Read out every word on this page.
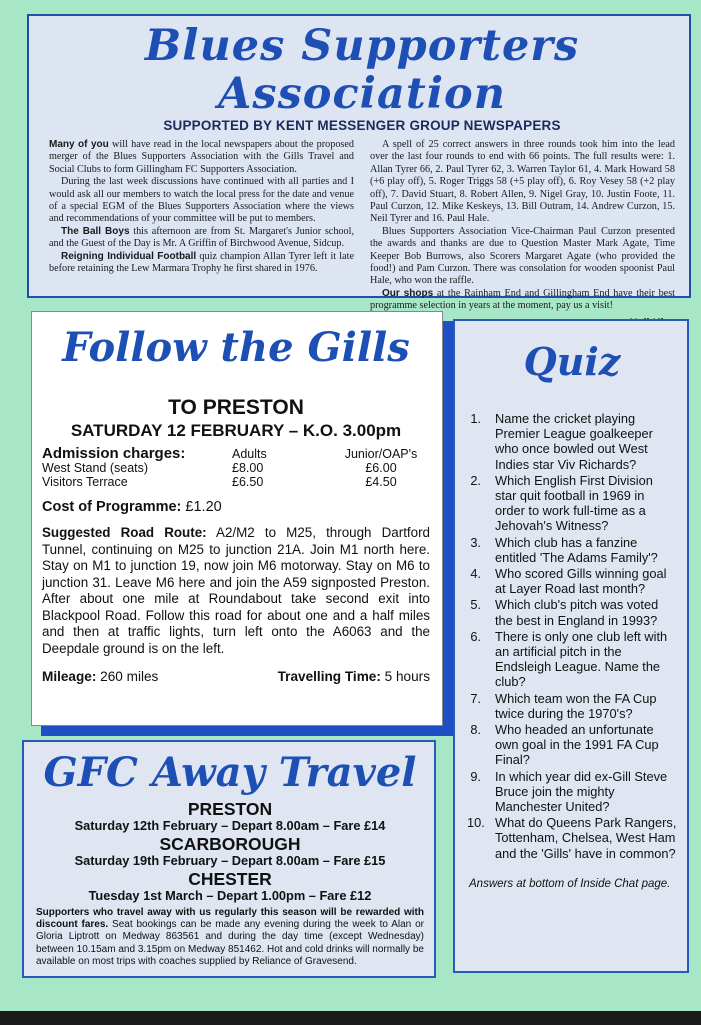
Blues Supporters Association
SUPPORTED BY KENT MESSENGER GROUP NEWSPAPERS

Many of you will have read in the local newspapers about the proposed merger of the Blues Supporters Association with the Gills Travel and Social Clubs to form Gillingham FC Supporters Association.

During the last week discussions have continued with all parties and I would ask all our members to watch the local press for the date and venue of a special EGM of the Blues Supporters Association where the views and recommendations of your committee will be put to members.

The Ball Boys this afternoon are from St. Margaret's Junior school, and the Guest of the Day is Mr. A Griffin of Birchwood Avenue, Sidcup.

Reigning Individual Football quiz champion Allan Tyrer left it late before retaining the Lew Marmara Trophy he first shared in 1976.

A spell of 25 correct answers in three rounds took him into the lead over the last four rounds to end with 66 points. The full results were: 1. Allan Tyrer 66, 2. Paul Tyrer 62, 3. Warren Taylor 61, 4. Mark Howard 58 (+6 play off), 5. Roger Triggs 58 (+5 play off), 6. Roy Vesey 58 (+2 play off), 7. David Stuart, 8. Robert Allen, 9. Nigel Gray, 10. Justin Foote, 11. Paul Curzon, 12. Mike Keskeys, 13. Bill Outram, 14. Andrew Curzon, 15. Neil Tyrer and 16. Paul Hale.

Blues Supporters Association Vice-Chairman Paul Curzon presented the awards and thanks are due to Question Master Mark Agate, Time Keeper Bob Burrows, also Scorers Margaret Agate (who provided the food!) and Pam Curzon. There was consolation for wooden spoonist Paul Hale, who won the raffle.

Our shops at the Rainham End and Gillingham End have their best programme selection in years at the moment, pay us a visit!

Follow the Gills
TO PRESTON
SATURDAY 12 FEBRUARY – K.O. 3.00pm
Admission charges:	Adults	Junior/OAP's
West Stand (seats)	£8.00	£6.00
Visitors Terrace	£6.50	£4.50
Cost of Programme: £1.20
Suggested Road Route: A2/M2 to M25, through Dartford Tunnel, continuing on M25 to junction 21A. Join M1 north here. Stay on M1 to junction 19, now join M6 motorway. Stay on M6 to junction 31. Leave M6 here and join the A59 signposted Preston. After about one mile at Roundabout take second exit into Blackpool Road. Follow this road for about one and a half miles and then at traffic lights, turn left onto the A6063 and the Deepdale ground is on the left.
Mileage: 260 miles	Travelling Time: 5 hours
Quiz
1.	Name the cricket playing Premier League goalkeeper who once bowled out West Indies star Viv Richards?
2.	Which English First Division star quit football in 1969 in order to work full-time as a Jehovah's Witness?
3.	Which club has a fanzine entitled 'The Adams Family'?
4.	Who scored Gills winning goal at Layer Road last month?
5.	Which club's pitch was voted the best in England in 1993?
6.	There is only one club left with an artificial pitch in the Endsleigh League. Name the club?
7.	Which team won the FA Cup twice during the 1970's?
8.	Who headed an unfortunate own goal in the 1991 FA Cup Final?
9.	In which year did ex-Gill Steve Bruce join the mighty Manchester United?
10. What do Queens Park Rangers, Tottenham, Chelsea, West Ham and the 'Gills' have in common?
Answers at bottom of Inside Chat page.
GFC Away Travel
PRESTON
Saturday 12th February – Depart 8.00am – Fare £14
SCARBOROUGH
Saturday 19th February – Depart 8.00am – Fare £15
CHESTER
Tuesday 1st March – Depart 1.00pm – Fare £12
Supporters who travel away with us regularly this season will be rewarded with discount fares. Seat bookings can be made any evening during the week to Alan or Gloria Liptrott on Medway 863561 and during the day time (except Wednesday) between 10.15am and 3.15pm on Medway 851462. Hot and cold drinks will normally be available on most trips with coaches supplied by Reliance of Gravesend.
